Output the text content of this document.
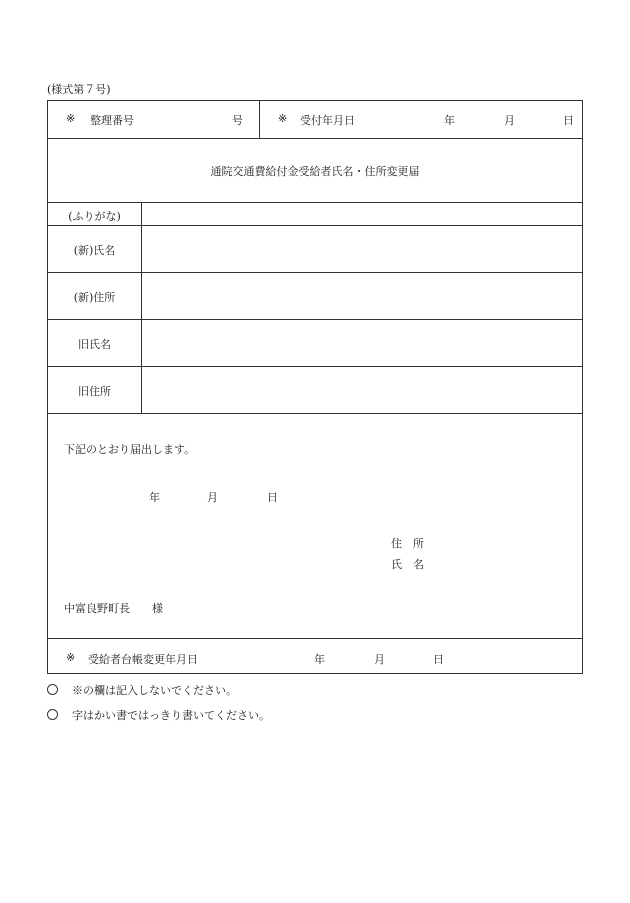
(様式第７号)
※ 整理番号	号	※ 受付年月日	年	月	日
通院交通費給付金受給者氏名・住所変更届
(ふりがな)
(新)氏名
(新)住所
旧氏名
旧住所
下記のとおり届出します。
年	月	日
住　所
氏　名
中富良野町長　　様
※ 受給者台帳変更年月日	年	月	日
※の欄は記入しないでください。
字はかい書ではっきり書いてください。
